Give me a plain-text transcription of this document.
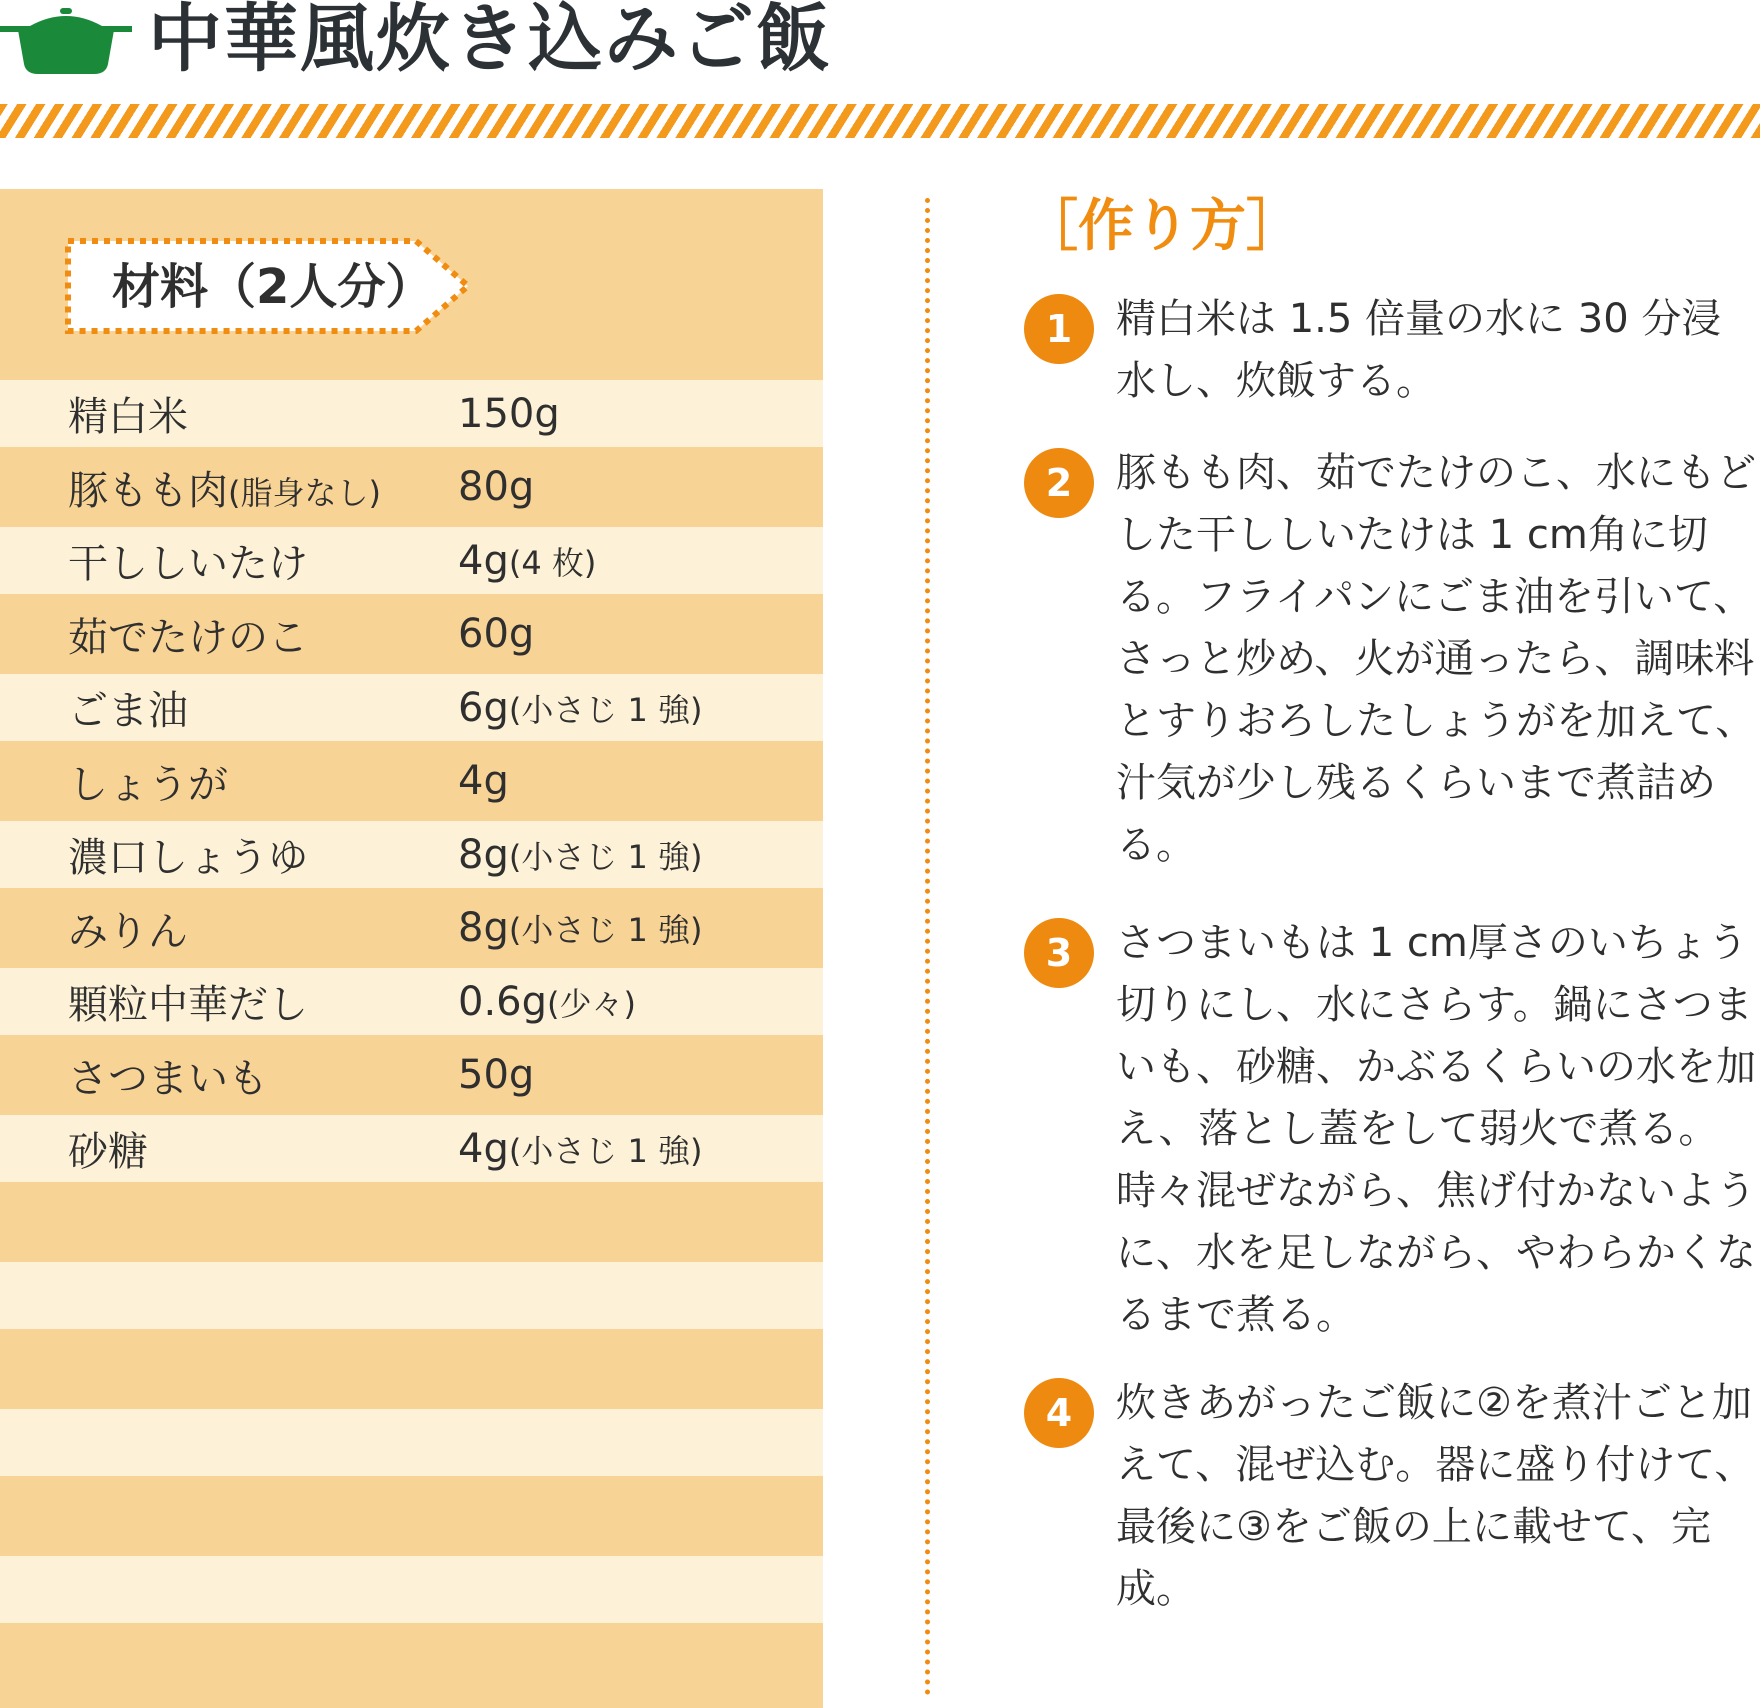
中華風炊き込みご飯
精白米	150g
豚もも肉(脂身なし) 80g
干ししいたけ	4g(4 枚)
茹でたけのこ	60g
ごま油	6g(小さじ 1 強)
しょうが	4g
濃口しょうゆ	8g(小さじ 1 強)
みりん	8g(小さじ 1 強)
顆粒中華だし	0.6g(少々)
さつまいも	50g
砂糖	4g(小さじ 1 強)
材料（2人分）
［作り方］
1	精白米は 1.5 倍量の水に 30 分浸水し、炊飯する。
2	豚もも肉、茹でたけのこ、水にもどした干ししいたけは 1 cm角に切る。フライパンにごま油を引いて、さっと炒め、火が通ったら、調味料とすりおろしたしょうがを加えて、汁気が少し残るくらいまで煮詰める。
3	さつまいもは 1 cm厚さのいちょう切りにし、水にさらす。鍋にさつまいも、砂糖、かぶるくらいの水を加え、落とし蓋をして弱火で煮る。時々混ぜながら、焦げ付かないように、水を足しながら、やわらかくなるまで煮る。
4	炊きあがったご飯に②を煮汁ごと加えて、混ぜ込む。器に盛り付けて、最後に③をご飯の上に載せて、完成。
